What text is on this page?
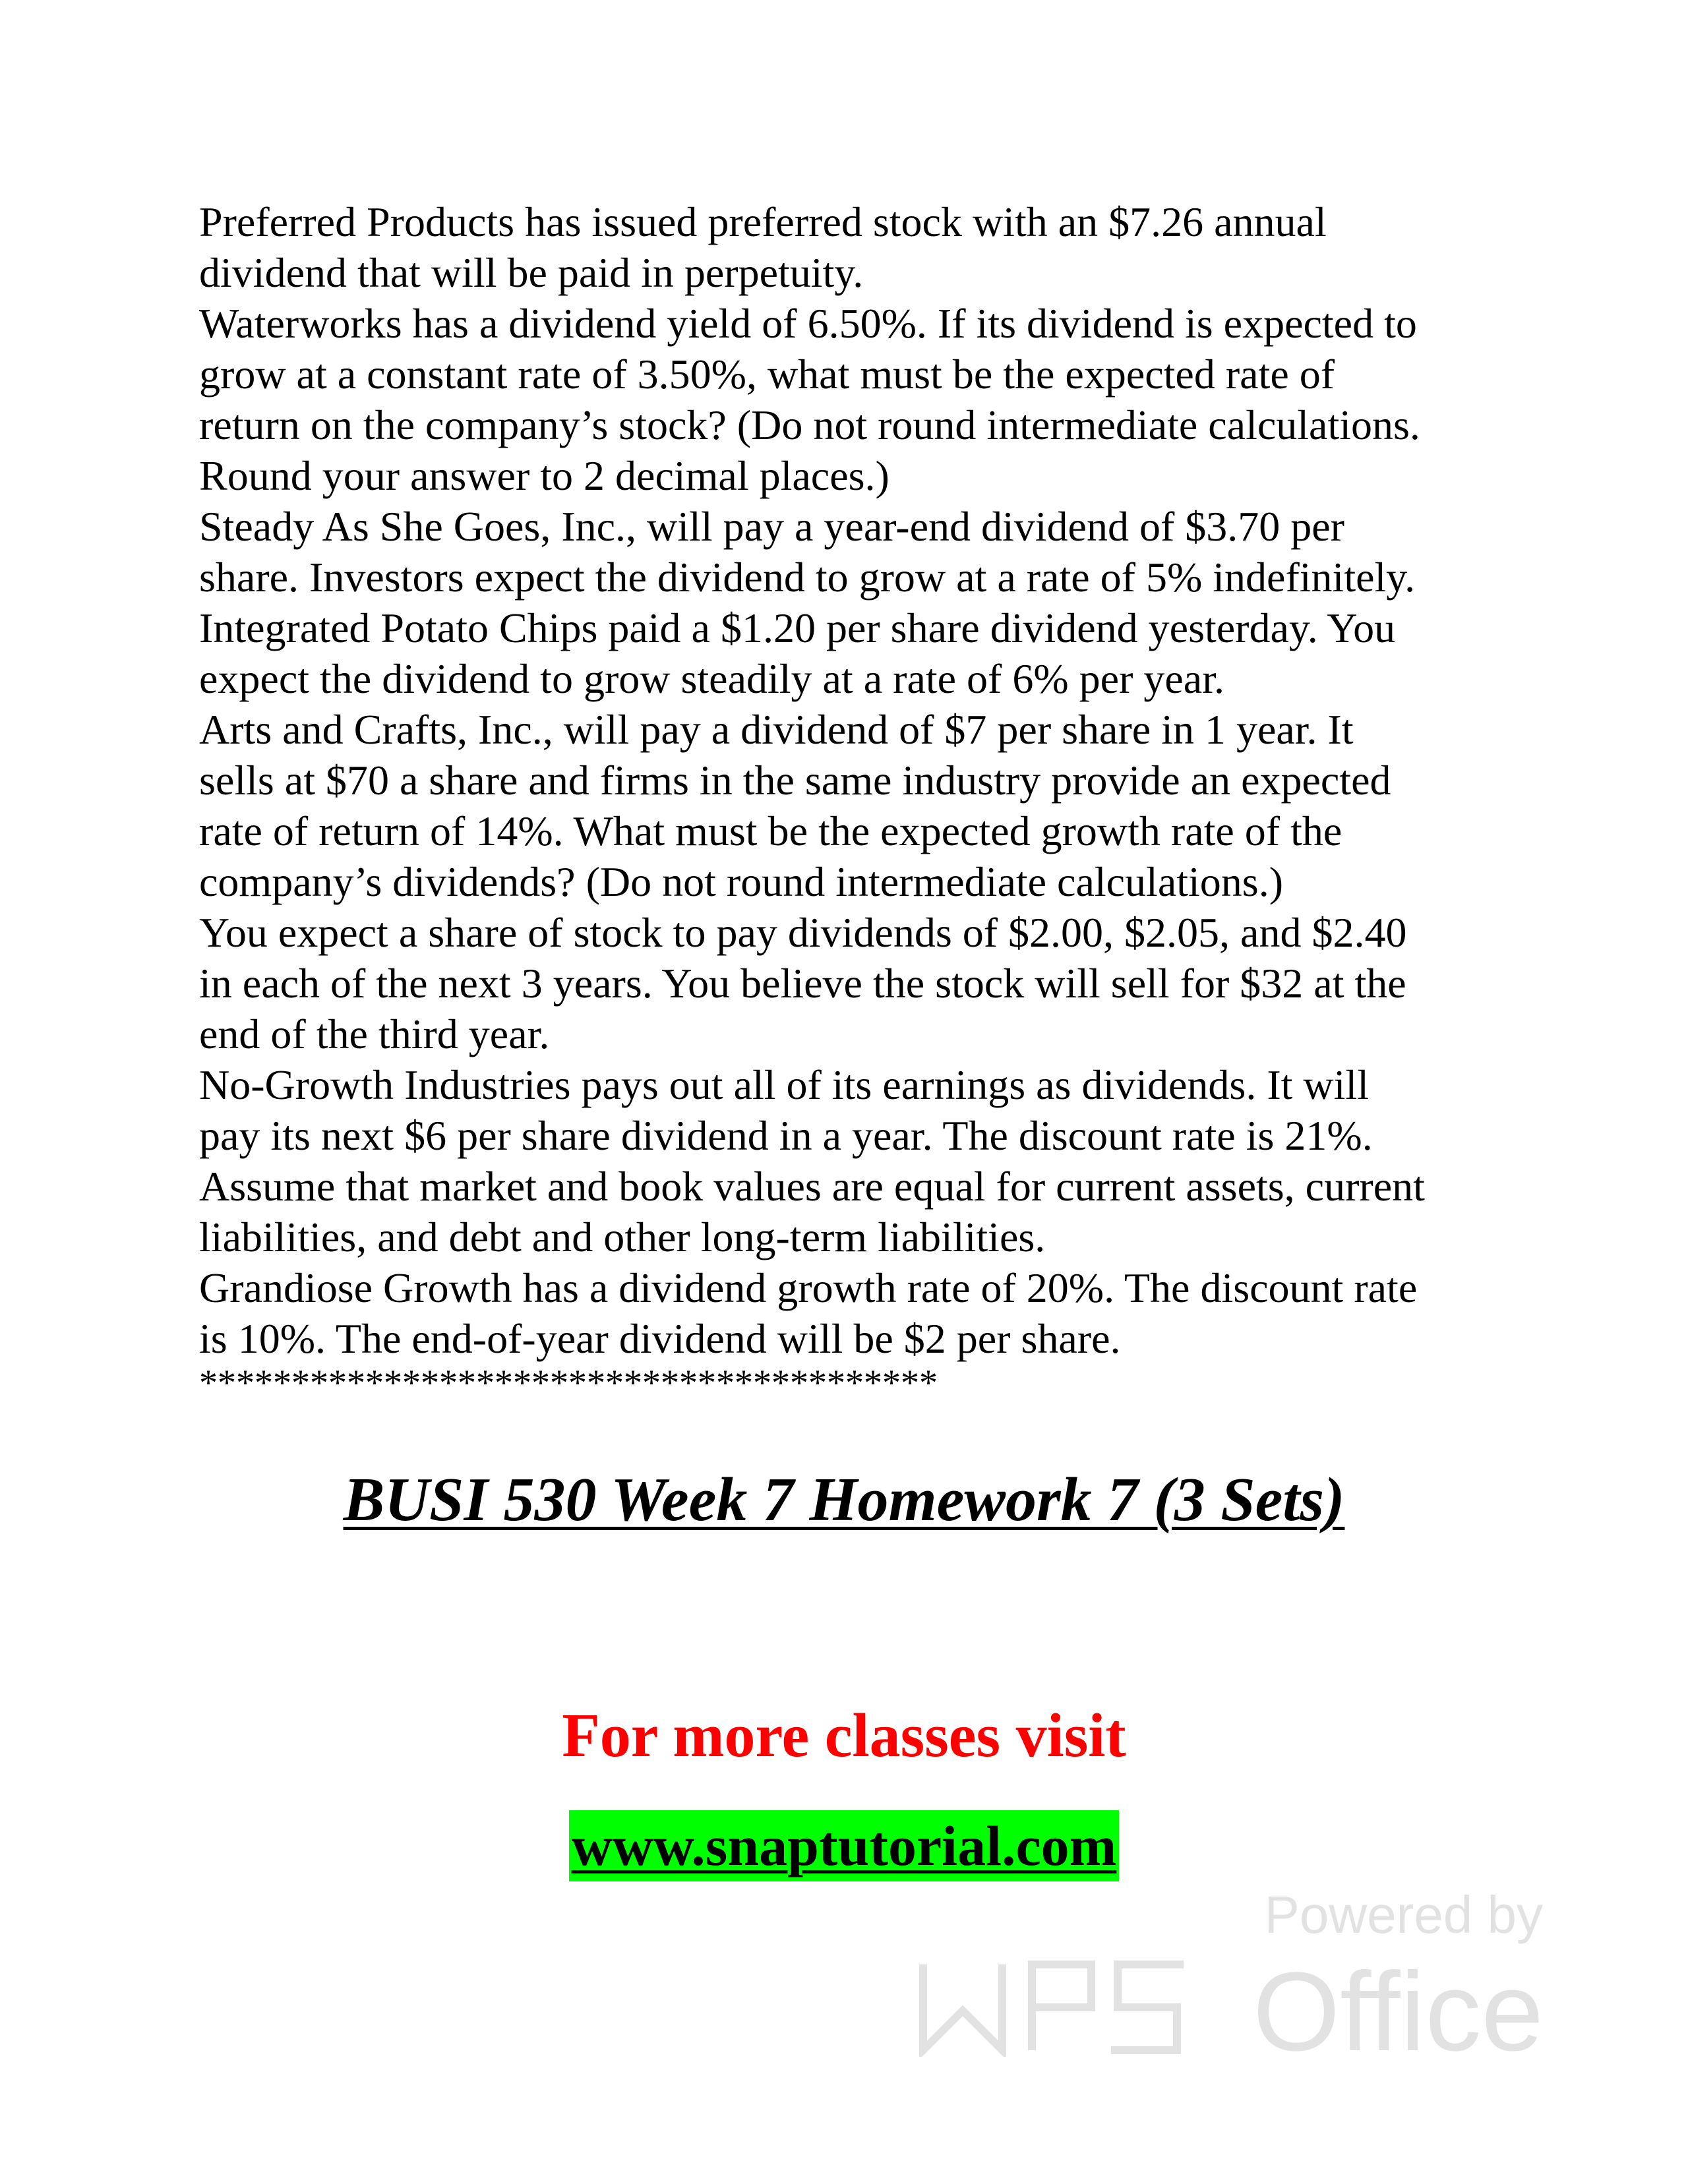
Preferred Products has issued preferred stock with an $7.26 annual
dividend that will be paid in perpetuity.
Waterworks has a dividend yield of 6.50%. If its dividend is expected to
grow at a constant rate of 3.50%, what must be the expected rate of
return on the company’s stock? (Do not round intermediate calculations.
Round your answer to 2 decimal places.)
Steady As She Goes, Inc., will pay a year-end dividend of $3.70 per
share. Investors expect the dividend to grow at a rate of 5% indefinitely.
Integrated Potato Chips paid a $1.20 per share dividend yesterday. You
expect the dividend to grow steadily at a rate of 6% per year.
Arts and Crafts, Inc., will pay a dividend of $7 per share in 1 year. It
sells at $70 a share and firms in the same industry provide an expected
rate of return of 14%. What must be the expected growth rate of the
company’s dividends? (Do not round intermediate calculations.)
You expect a share of stock to pay dividends of $2.00, $2.05, and $2.40
in each of the next 3 years. You believe the stock will sell for $32 at the
end of the third year.
No-Growth Industries pays out all of its earnings as dividends. It will
pay its next $6 per share dividend in a year. The discount rate is 21%.
Assume that market and book values are equal for current assets, current
liabilities, and debt and other long-term liabilities.
Grandiose Growth has a dividend growth rate of 20%. The discount rate
is 10%. The end-of-year dividend will be $2 per share.
****************************************
BUSI 530 Week 7 Homework 7 (3 Sets)
For more classes visit
www.snaptutorial.com
Powered by
Office
